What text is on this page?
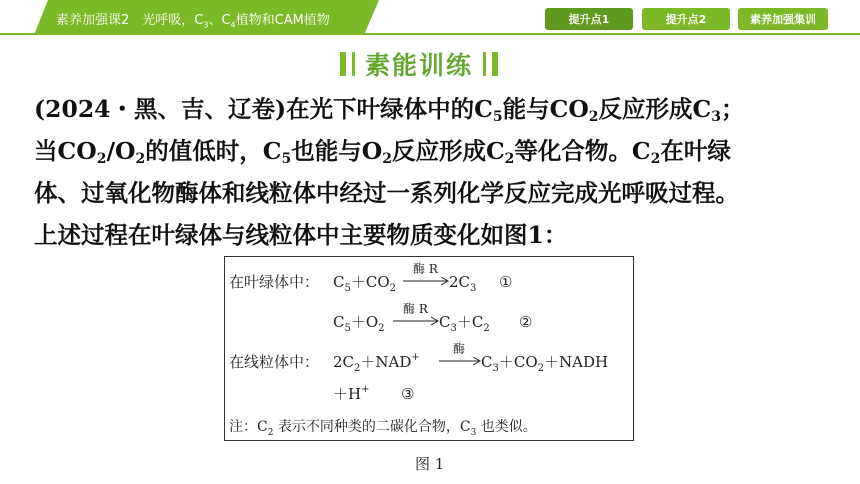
素养加强课2　光呼吸，$C_3$、$C_4$植物和CAM植物	提升点1	提升点2	素养加强集训
素能训练
(2024・黑、吉、辽卷)在光下叶绿体中的$C_5$能与$CO_2$反应形成$C_3$；
当$CO_2/O_2$的值低时，$C_5$也能与$O_2$反应形成$C_2$等化合物。$C_2$在叶绿
体、过氧化物酶体和线粒体中经过一系列化学反应完成光呼吸过程。
上述过程在叶绿体与线粒体中主要物质变化如图1：
在叶绿体中： $C_5+CO_2$
酶 R
$2C_3$ ①
$C_5+O_2$
酶 R
$C_3+C_2$ ②
在线粒体中： $2C_2+NAD^+$
酶
$C_3+CO_2+NADH$
＋H+ ③
注：$C_2$ 表示不同种类的二碳化合物，$C_3$ 也类似。
图 1
